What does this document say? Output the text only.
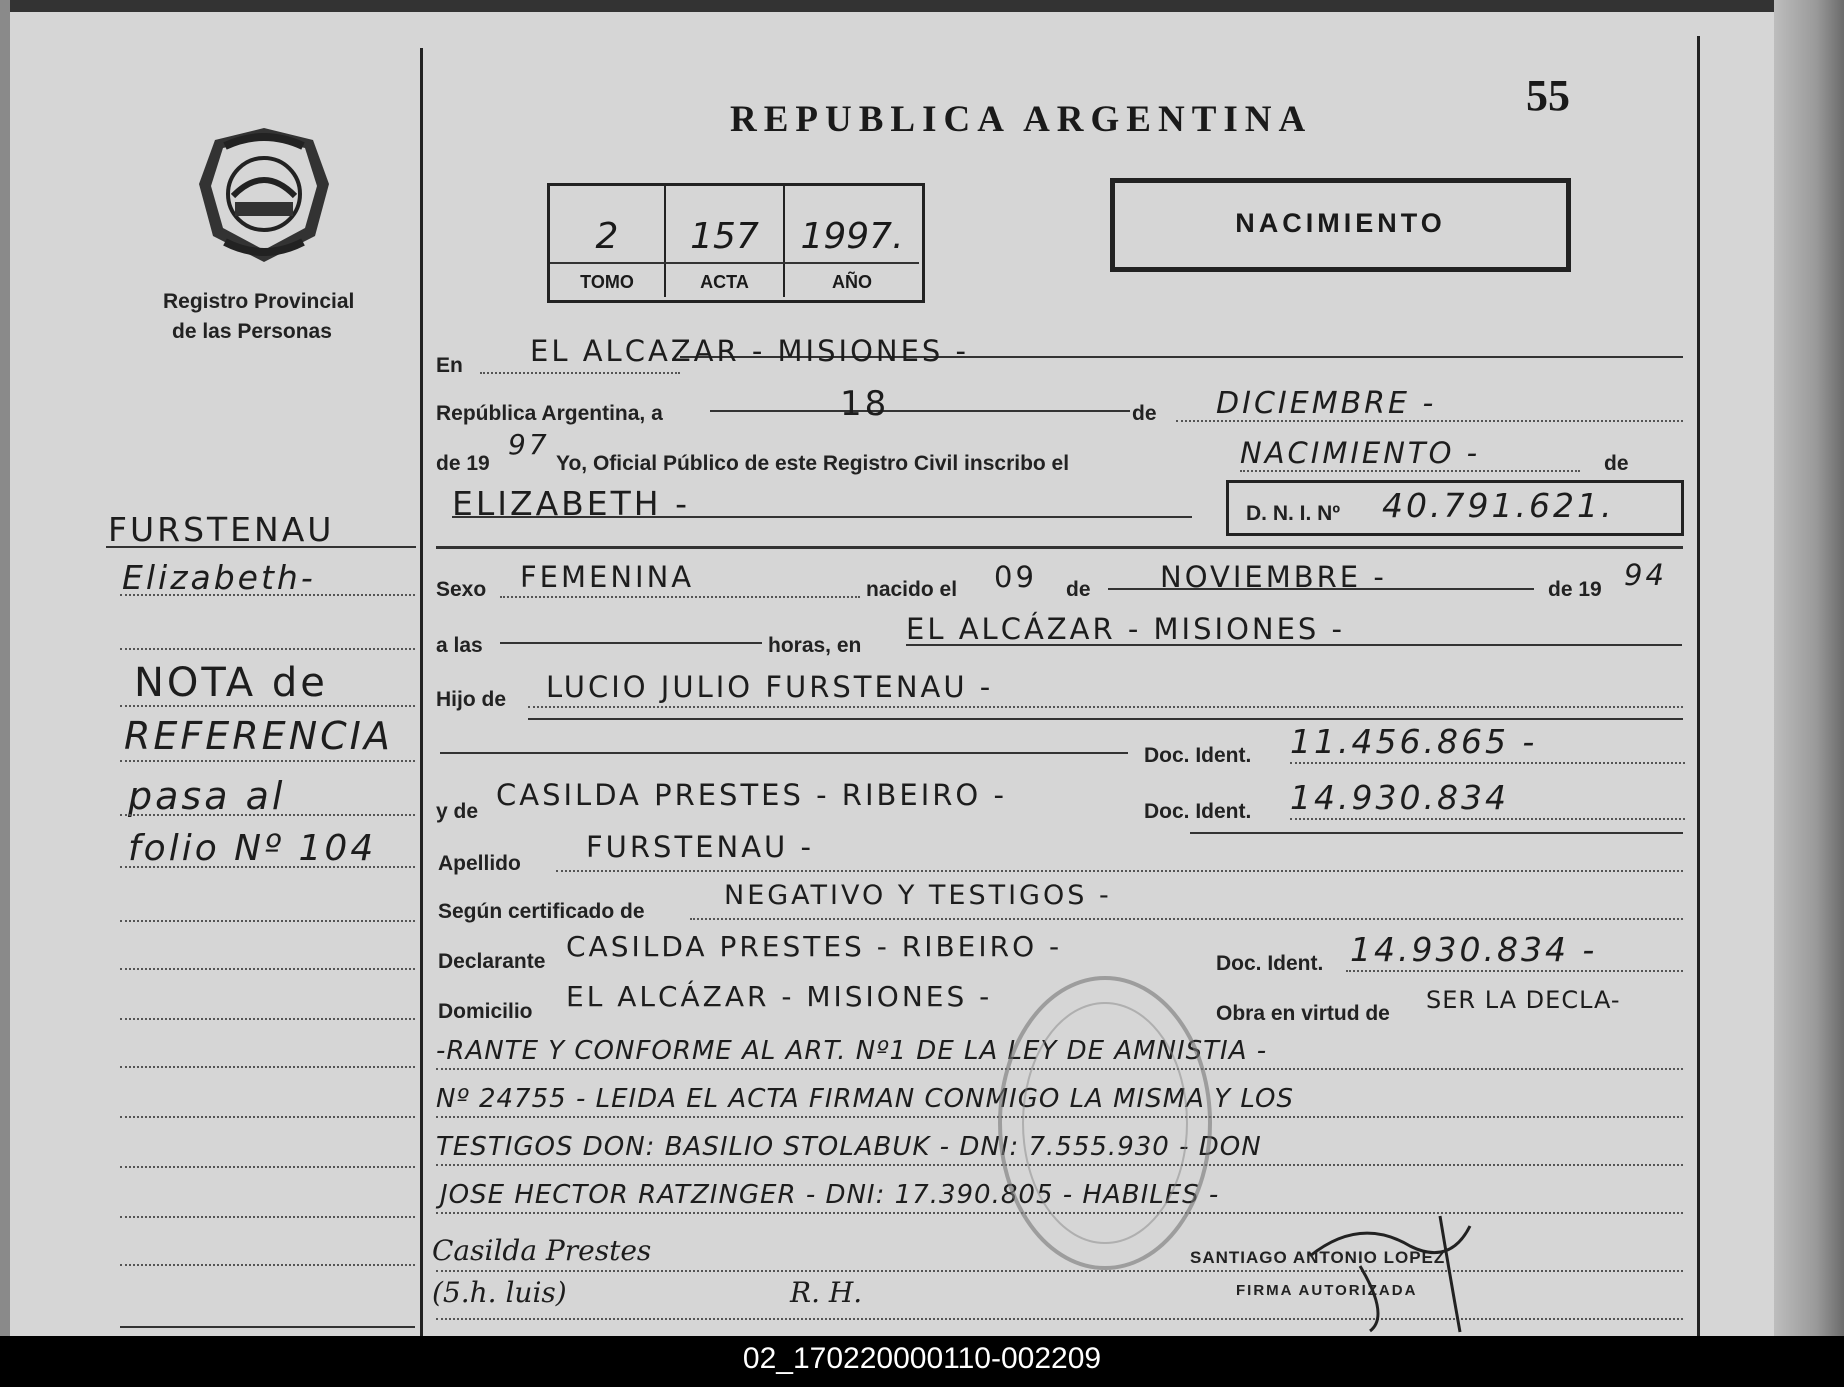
Registro Provincial
de las Personas
REPUBLICA ARGENTINA	55
2	157	1997.
TOMO	ACTA	AÑO
NACIMIENTO
FURSTENAU
Elizabeth-
NOTA de
REFERENCIA
pasa al
folio Nº 104
En EL ALCAZAR - MISIONES -
República Argentina, a	18	de DICIEMBRE -
de 19
97
Yo, Oficial Público de este Registro Civil inscribo el	NACIMIENTO -	de
ELIZABETH -	D. N. I. Nº 40.791.621.
Sexo FEMENINA	nacido el 09 de NOVIEMBRE -	de 19 94
a las	horas, en EL ALCÁZAR - MISIONES -
Hijo de LUCIO JULIO FURSTENAU -
Doc. Ident. 11.456.865 -
y de CASILDA PRESTES - RIBEIRO -	Doc. Ident. 14.930.834
Apellido FURSTENAU -
Según certificado de
NEGATIVO Y TESTIGOS -
Declarante CASILDA PRESTES - RIBEIRO -
Doc. Ident. 14.930.834 -
Domicilio EL ALCÁZAR - MISIONES -
Obra en virtud de SER LA DECLA-
-RANTE Y CONFORME AL ART. Nº1 DE LA LEY DE AMNISTIA -
Nº 24755 - LEIDA EL ACTA FIRMAN CONMIGO LA MISMA Y LOS
TESTIGOS DON: BASILIO STOLABUK - DNI: 7.555.930 - DON
JOSE HECTOR RATZINGER - DNI: 17.390.805 - HABILES -
Casilda Prestes
(5.h. luis)	R. H.
SANTIAGO ANTONIO LOPEZ
FIRMA AUTORIZADA
02_170220000110-002209
